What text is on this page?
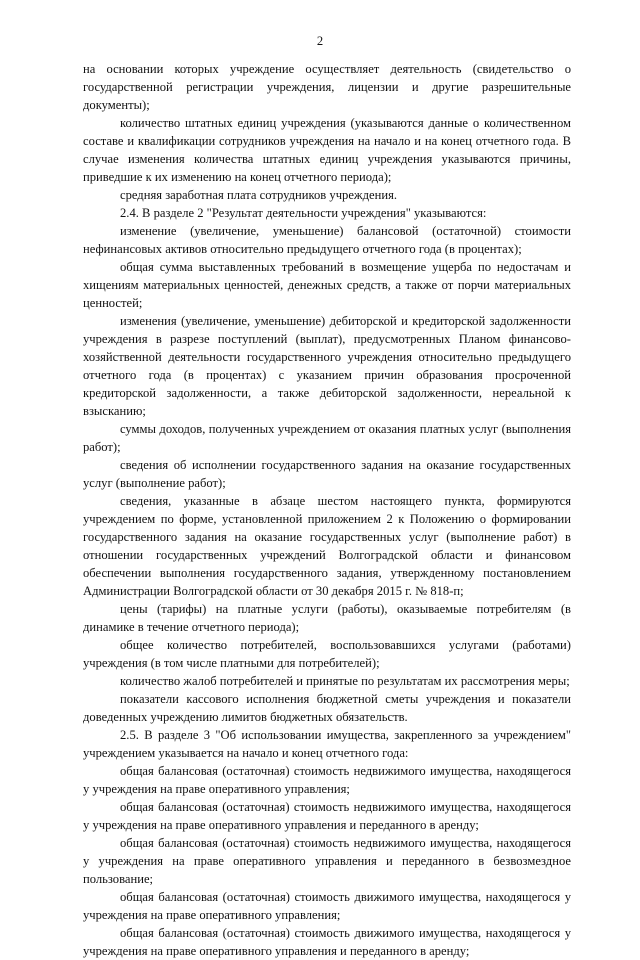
2

на основании которых учреждение осуществляет деятельность (свидетельство о государственной регистрации учреждения, лицензии и другие разрешительные документы);

количество штатных единиц учреждения (указываются данные о количественном составе и квалификации сотрудников учреждения на начало и на конец отчетного года. В случае изменения количества штатных единиц учреждения указываются причины, приведшие к их изменению на конец отчетного периода);

средняя заработная плата сотрудников учреждения.

2.4. В разделе 2 "Результат деятельности учреждения" указываются:

изменение (увеличение, уменьшение) балансовой (остаточной) стоимости нефинансовых активов относительно предыдущего отчетного года (в процентах);

общая сумма выставленных требований в возмещение ущерба по недостачам и хищениям материальных ценностей, денежных средств, а также от порчи материальных ценностей;

изменения (увеличение, уменьшение) дебиторской и кредиторской задолженности учреждения в разрезе поступлений (выплат), предусмотренных Планом финансово-хозяйственной деятельности государственного учреждения относительно предыдущего отчетного года (в процентах) с указанием причин образования просроченной кредиторской задолженности, а также дебиторской задолженности, нереальной к взысканию;

суммы доходов, полученных учреждением от оказания платных услуг (выполнения работ);

сведения об исполнении государственного задания на оказание государственных услуг (выполнение работ);

сведения, указанные в абзаце шестом настоящего пункта, формируются учреждением по форме, установленной приложением 2 к Положению о формировании государственного задания на оказание государственных услуг (выполнение работ) в отношении государственных учреждений Волгоградской области и финансовом обеспечении выполнения государственного задания, утвержденному постановлением Администрации Волгоградской области от 30 декабря 2015 г. № 818-п;

цены (тарифы) на платные услуги (работы), оказываемые потребителям (в динамике в течение отчетного периода);

общее количество потребителей, воспользовавшихся услугами (работами) учреждения (в том числе платными для потребителей);

количество жалоб потребителей и принятые по результатам их рассмотрения меры;

показатели кассового исполнения бюджетной сметы учреждения и показатели доведенных учреждению лимитов бюджетных обязательств.

2.5. В разделе 3 "Об использовании имущества, закрепленного за учреждением" учреждением указывается на начало и конец отчетного года:

общая балансовая (остаточная) стоимость недвижимого имущества, находящегося у учреждения на праве оперативного управления;

общая балансовая (остаточная) стоимость недвижимого имущества, находящегося у учреждения на праве оперативного управления и переданного в аренду;

общая балансовая (остаточная) стоимость недвижимого имущества, находящегося у учреждения на праве оперативного управления и переданного в безвозмездное пользование;

общая балансовая (остаточная) стоимость движимого имущества, находящегося у учреждения на праве оперативного управления;

общая балансовая (остаточная) стоимость движимого имущества, находящегося у учреждения на праве оперативного управления и переданного в аренду;
